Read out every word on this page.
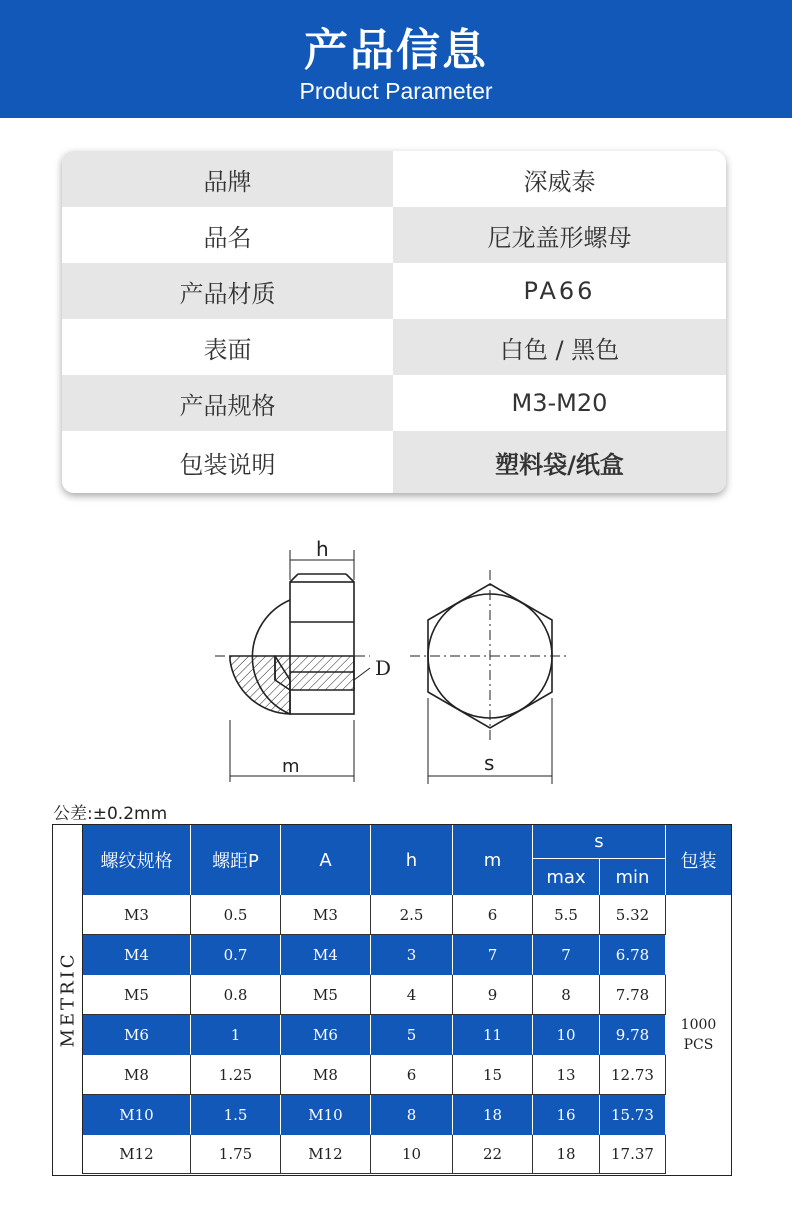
产品信息
Product Parameter
品牌	深威泰
品名	尼龙盖形螺母
产品材质	PA66
表面	白色 / 黑色
产品规格	M3-M20
包装说明	塑料袋/纸盒
h
D
m	s
公差:±0.2mm
METRIC
螺纹规格	螺距P	A	h	m
s
max	min
包装
M3	0.5	M3	2.5	6	5.5	5.32
M4	0.7	M4	3	7	7	6.78
M5	0.8	M5	4	9	8	7.78
M6	1	M6	5	11	10	9.78
M8	1.25	M8	6	15	13	12.73
M10	1.5	M10	8	18	16	15.73
M12	1.75	M12	10	22	18	17.37
1000
PCS
